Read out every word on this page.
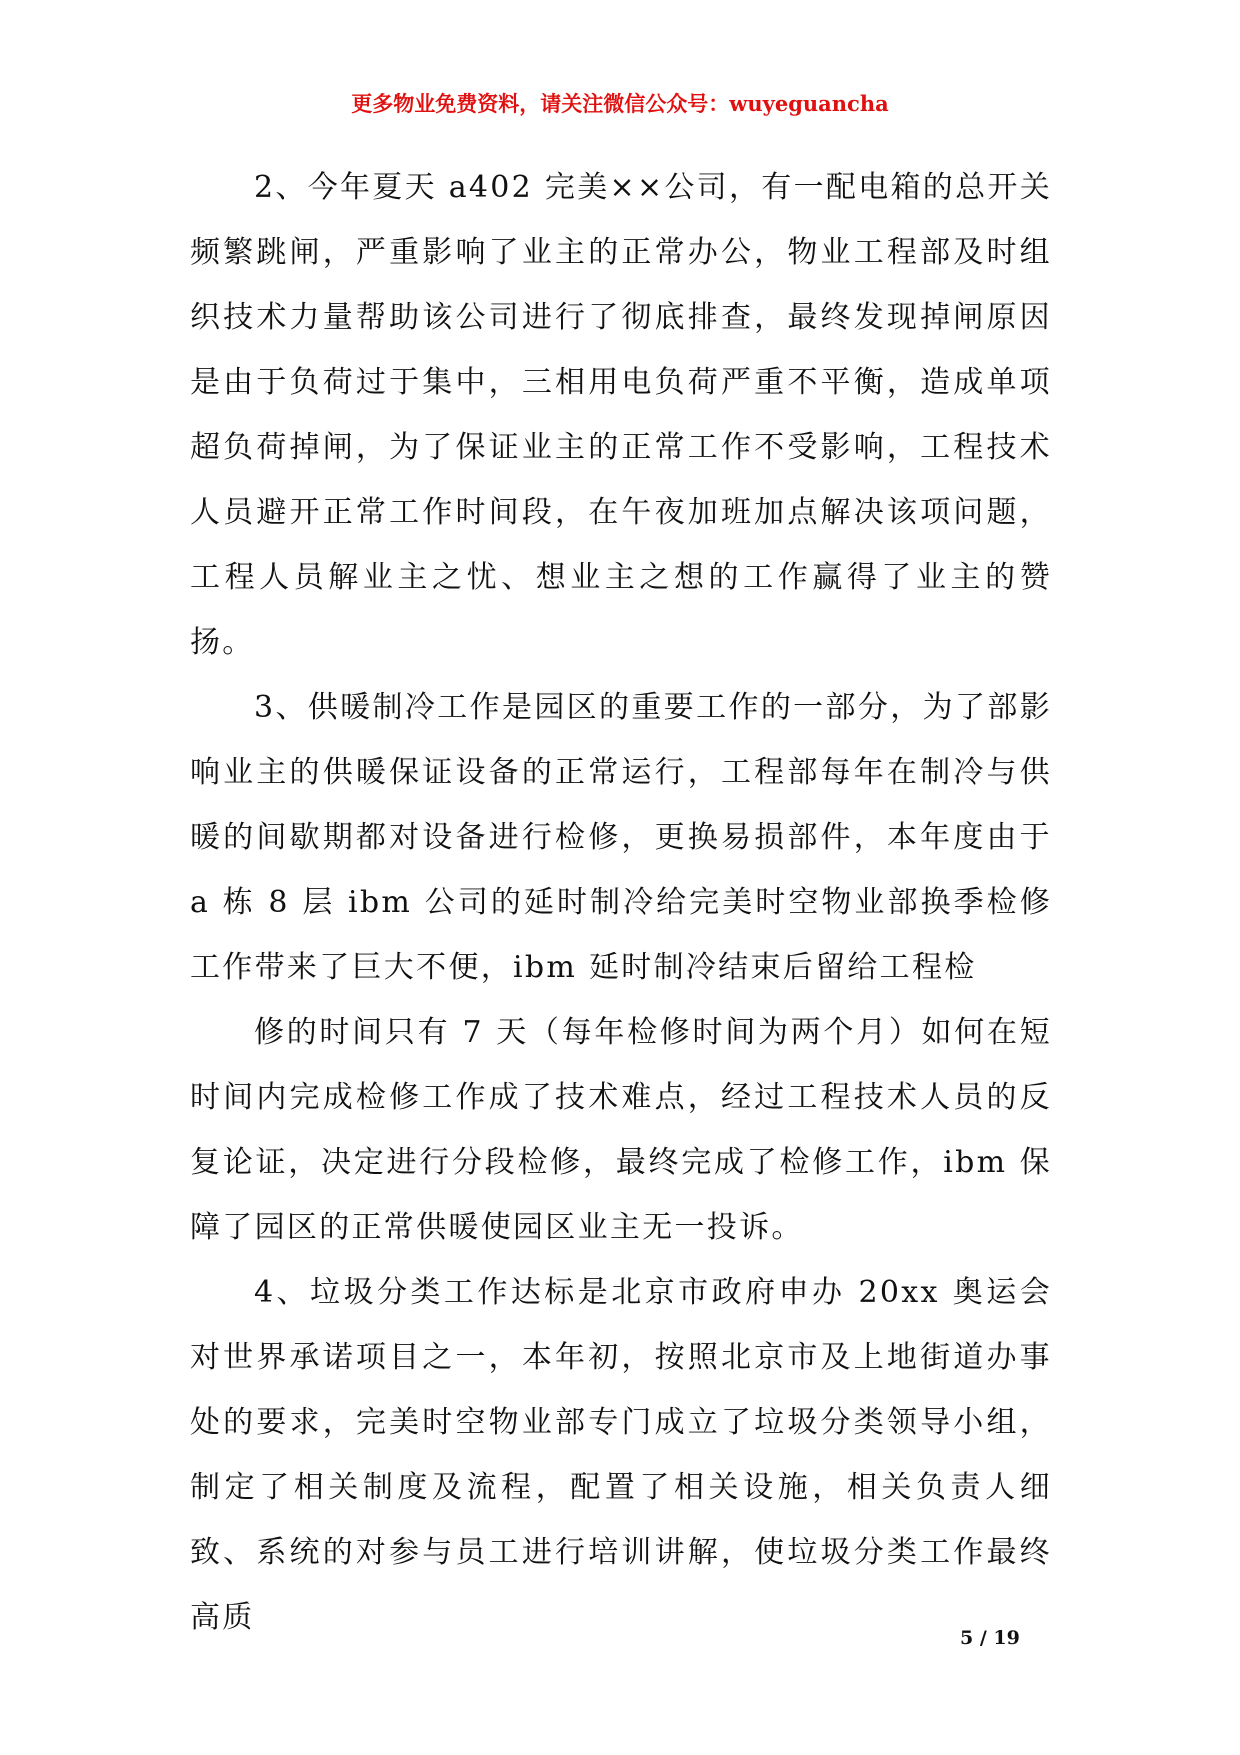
更多物业免费资料，请关注微信公众号：wuyeguancha

2、今年夏天 a402 完美××公司，有一配电箱的总开关频繁跳闸，严重影响了业主的正常办公，物业工程部及时组织技术力量帮助该公司进行了彻底排查，最终发现掉闸原因是由于负荷过于集中，三相用电负荷严重不平衡，造成单项超负荷掉闸，为了保证业主的正常工作不受影响，工程技术人员避开正常工作时间段，在午夜加班加点解决该项问题，工程人员解业主之忧、想业主之想的工作赢得了业主的赞扬。

3、供暖制冷工作是园区的重要工作的一部分，为了部影响业主的供暖保证设备的正常运行，工程部每年在制冷与供暖的间歇期都对设备进行检修，更换易损部件，本年度由于 a 栋 8 层 ibm 公司的延时制冷给完美时空物业部换季检修工作带来了巨大不便，ibm 延时制冷结束后留给工程检

修的时间只有 7 天（每年检修时间为两个月）如何在短时间内完成检修工作成了技术难点，经过工程技术人员的反复论证，决定进行分段检修，最终完成了检修工作，ibm 保障了园区的正常供暖使园区业主无一投诉。

4、垃圾分类工作达标是北京市政府申办 20xx 奥运会对世界承诺项目之一，本年初，按照北京市及上地街道办事处的要求，完美时空物业部专门成立了垃圾分类领导小组，制定了相关制度及流程，配置了相关设施，相关负责人细致、系统的对参与员工进行培训讲解，使垃圾分类工作最终高质

5 / 19
